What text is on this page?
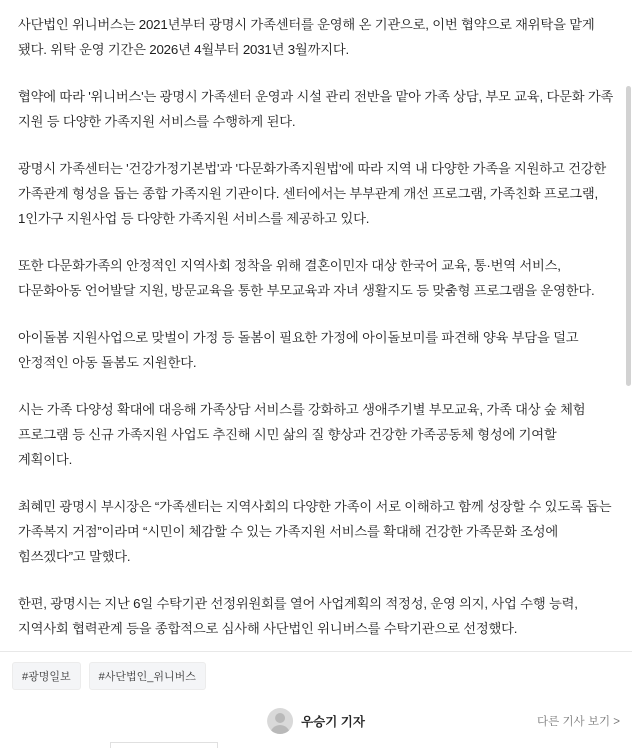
사단법인 위니버스는 2021년부터 광명시 가족센터를 운영해 온 기관으로, 이번 협약으로 재위탁을 맡게 됐다. 위탁 운영 기간은 2026년 4월부터 2031년 3월까지다.

협약에 따라 '위니버스'는 광명시 가족센터 운영과 시설 관리 전반을 맡아 가족 상담, 부모 교육, 다문화 가족 지원 등 다양한 가족지원 서비스를 수행하게 된다.

광명시 가족센터는 '건강가정기본법'과 '다문화가족지원법'에 따라 지역 내 다양한 가족을 지원하고 건강한 가족관계 형성을 돕는 종합 가족지원 기관이다. 센터에서는 부부관계 개선 프로그램, 가족친화 프로그램, 1인가구 지원사업 등 다양한 가족지원 서비스를 제공하고 있다.

또한 다문화가족의 안정적인 지역사회 정착을 위해 결혼이민자 대상 한국어 교육, 통·번역 서비스, 다문화아동 언어발달 지원, 방문교육을 통한 부모교육과 자녀 생활지도 등 맞춤형 프로그램을 운영한다.

아이돌봄 지원사업으로 맞벌이 가정 등 돌봄이 필요한 가정에 아이돌보미를 파견해 양육 부담을 덜고 안정적인 아동 돌봄도 지원한다.

시는 가족 다양성 확대에 대응해 가족상담 서비스를 강화하고 생애주기별 부모교육, 가족 대상 숲 체험 프로그램 등 신규 가족지원 사업도 추진해 시민 삶의 질 향상과 건강한 가족공동체 형성에 기여할 계획이다.

최혜민 광명시 부시장은 “가족센터는 지역사회의 다양한 가족이 서로 이해하고 함께 성장할 수 있도록 돕는 가족복지 거점”이라며 “시민이 체감할 수 있는 가족지원 서비스를 확대해 건강한 가족문화 조성에 힘쓰겠다”고 말했다.

한편, 광명시는 지난 6일 수탁기관 선정위원회를 열어 사업계획의 적정성, 운영 의지, 사업 수행 능력, 지역사회 협력관계 등을 종합적으로 심사해 사단법인 위니버스를 수탁기관으로 선정했다.

#광명일보	#사단법인_위니버스
우승기 기자	다른 기사 보기 >
